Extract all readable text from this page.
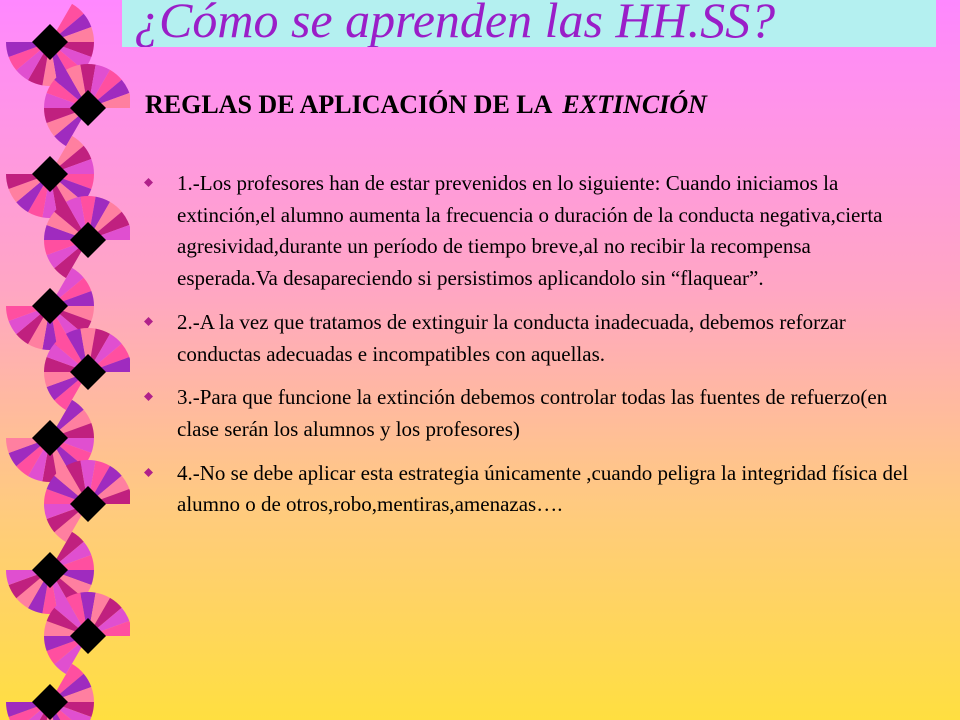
¿Cómo se aprenden las HH.SS?
REGLAS DE APLICACIÓN DE LA EXTINCIÓN
1.-Los profesores han de estar prevenidos en lo siguiente: Cuando iniciamos la extinción,el alumno aumenta la frecuencia o duración de la conducta negativa,cierta agresividad,durante un período de tiempo breve,al no recibir la recompensa esperada.Va desapareciendo si persistimos aplicandolo sin “flaquear”.
2.-A la vez que tratamos de extinguir la conducta inadecuada, debemos reforzar conductas adecuadas e incompatibles con aquellas.
3.-Para que funcione la extinción debemos controlar todas las fuentes de refuerzo(en clase serán los alumnos y los profesores)
4.-No se debe aplicar esta estrategia únicamente ,cuando peligra la integridad física del alumno o de otros,robo,mentiras,amenazas….
